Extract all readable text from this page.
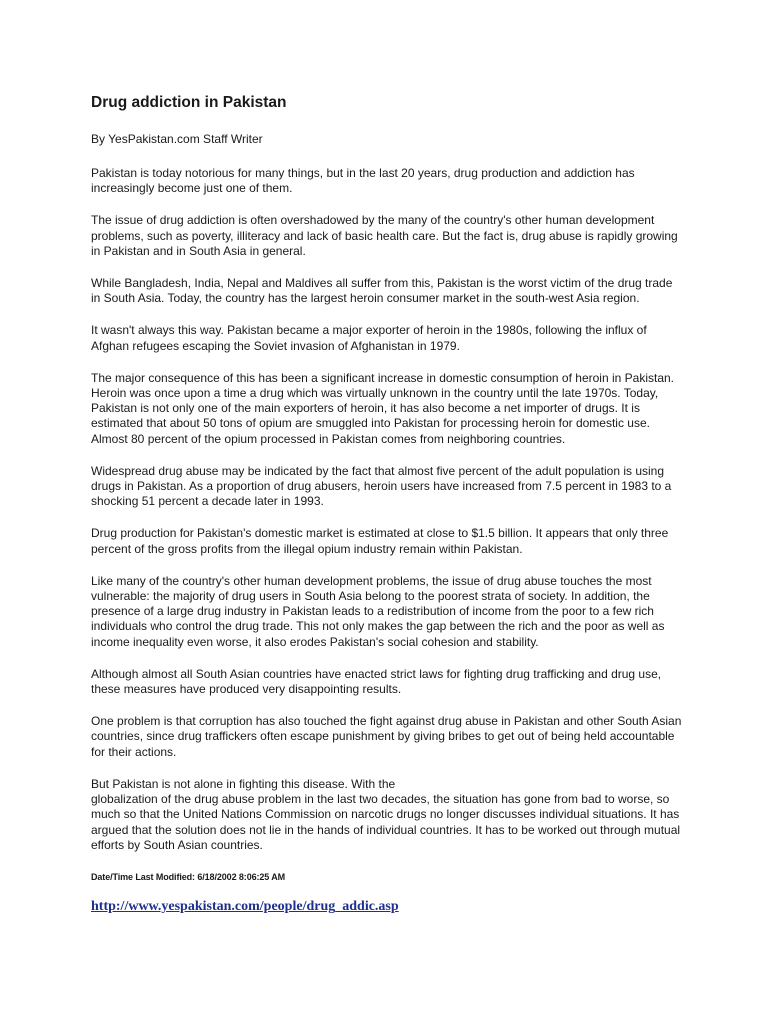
Drug addiction in Pakistan

By YesPakistan.com Staff Writer

Pakistan is today notorious for many things, but in the last 20 years, drug production and addiction has increasingly become just one of them.

The issue of drug addiction is often overshadowed by the many of the country's other human development problems, such as poverty, illiteracy and lack of basic health care. But the fact is, drug abuse is rapidly growing in Pakistan and in South Asia in general.

While Bangladesh, India, Nepal and Maldives all suffer from this, Pakistan is the worst victim of the drug trade in South Asia. Today, the country has the largest heroin consumer market in the south-west Asia region.

It wasn't always this way. Pakistan became a major exporter of heroin in the 1980s, following the influx of Afghan refugees escaping the Soviet invasion of Afghanistan in 1979.

The major consequence of this has been a significant increase in domestic consumption of heroin in Pakistan. Heroin was once upon a time a drug which was virtually unknown in the country until the late 1970s. Today, Pakistan is not only one of the main exporters of heroin, it has also become a net importer of drugs. It is estimated that about 50 tons of opium are smuggled into Pakistan for processing heroin for domestic use. Almost 80 percent of the opium processed in Pakistan comes from neighboring countries.

Widespread drug abuse may be indicated by the fact that almost five percent of the adult population is using drugs in Pakistan. As a proportion of drug abusers, heroin users have increased from 7.5 percent in 1983 to a shocking 51 percent a decade later in 1993.

Drug production for Pakistan's domestic market is estimated at close to $1.5 billion. It appears that only three percent of the gross profits from the illegal opium industry remain within Pakistan.

Like many of the country's other human development problems, the issue of drug abuse touches the most vulnerable: the majority of drug users in South Asia belong to the poorest strata of society. In addition, the presence of a large drug industry in Pakistan leads to a redistribution of income from the poor to a few rich individuals who control the drug trade. This not only makes the gap between the rich and the poor as well as income inequality even worse, it also erodes Pakistan's social cohesion and stability.

Although almost all South Asian countries have enacted strict laws for fighting drug trafficking and drug use, these measures have produced very disappointing results.

One problem is that corruption has also touched the fight against drug abuse in Pakistan and other South Asian countries, since drug traffickers often escape punishment by giving bribes to get out of being held accountable for their actions.

But Pakistan is not alone in fighting this disease. With the
globalization of the drug abuse problem in the last two decades, the situation has gone from bad to worse, so much so that the United Nations Commission on narcotic drugs no longer discusses individual situations. It has argued that the solution does not lie in the hands of individual countries. It has to be worked out through mutual efforts by South Asian countries.

Date/Time Last Modified: 6/18/2002 8:06:25 AM

http://www.yespakistan.com/people/drug_addic.asp
